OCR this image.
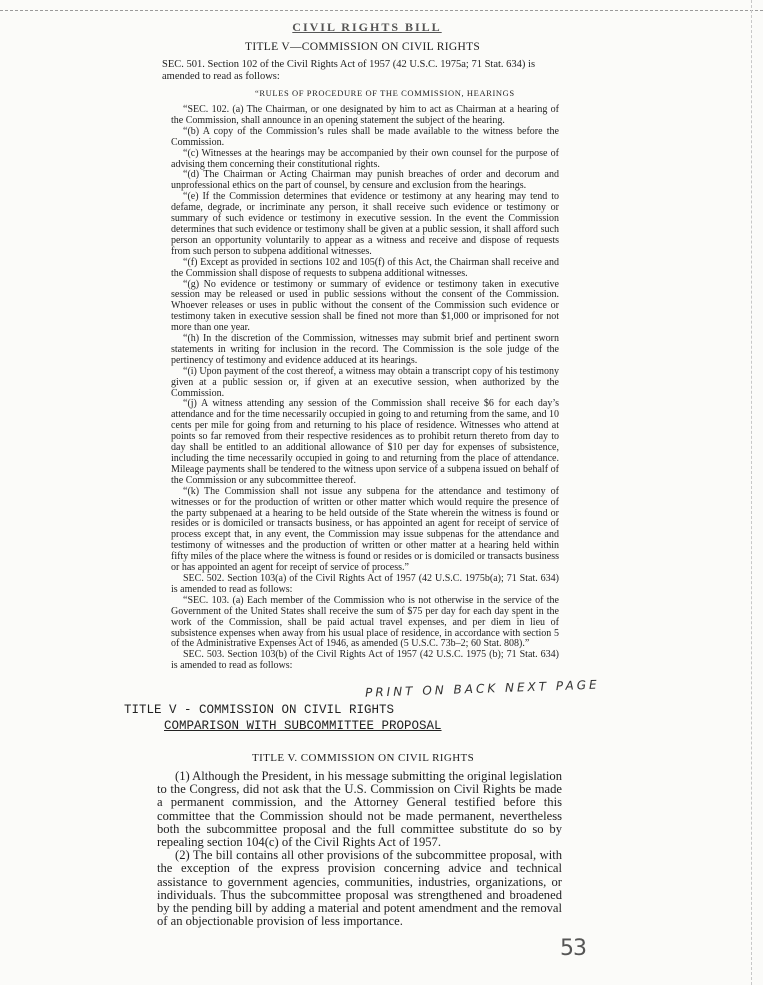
CIVIL RIGHTS BILL
TITLE V—COMMISSION ON CIVIL RIGHTS
SEC. 501. Section 102 of the Civil Rights Act of 1957 (42 U.S.C. 1975a; 71 Stat. 634) is amended to read as follows:
“RULES OF PROCEDURE OF THE COMMISSION, HEARINGS

“SEC. 102. (a) The Chairman, or one designated by him to act as Chairman at a hearing of the Commission, shall announce in an opening statement the subject of the hearing.

“(b) A copy of the Commission’s rules shall be made available to the witness before the Commission.

“(c) Witnesses at the hearings may be accompanied by their own counsel for the purpose of advising them concerning their constitutional rights.

“(d) The Chairman or Acting Chairman may punish breaches of order and decorum and unprofessional ethics on the part of counsel, by censure and exclusion from the hearings.

“(e) If the Commission determines that evidence or testimony at any hearing may tend to defame, degrade, or incriminate any person, it shall receive such evidence or testimony or summary of such evidence or testimony in executive session. In the event the Commission determines that such evidence or testimony shall be given at a public session, it shall afford such person an opportunity voluntarily to appear as a witness and receive and dispose of requests from such person to subpena additional witnesses.

“(f) Except as provided in sections 102 and 105(f) of this Act, the Chairman shall receive and the Commission shall dispose of requests to subpena additional witnesses.

“(g) No evidence or testimony or summary of evidence or testimony taken in executive session may be released or used in public sessions without the consent of the Commission. Whoever releases or uses in public without the consent of the Commission such evidence or testimony taken in executive session shall be fined not more than $1,000 or imprisoned for not more than one year.

“(h) In the discretion of the Commission, witnesses may submit brief and pertinent sworn statements in writing for inclusion in the record. The Commission is the sole judge of the pertinency of testimony and evidence adduced at its hearings.

“(i) Upon payment of the cost thereof, a witness may obtain a transcript copy of his testimony given at a public session or, if given at an executive session, when authorized by the Commission.

“(j) A witness attending any session of the Commission shall receive $6 for each day’s attendance and for the time necessarily occupied in going to and returning from the same, and 10 cents per mile for going from and returning to his place of residence. Witnesses who attend at points so far removed from their respective residences as to prohibit return thereto from day to day shall be entitled to an additional allowance of $10 per day for expenses of subsistence, including the time necessarily occupied in going to and returning from the place of attendance. Mileage payments shall be tendered to the witness upon service of a subpena issued on behalf of the Commission or any subcommittee thereof.

“(k) The Commission shall not issue any subpena for the attendance and testimony of witnesses or for the production of written or other matter which would require the presence of the party subpenaed at a hearing to be held outside of the State wherein the witness is found or resides or is domiciled or transacts business, or has appointed an agent for receipt of service of process except that, in any event, the Commission may issue subpenas for the attendance and testimony of witnesses and the production of written or other matter at a hearing held within fifty miles of the place where the witness is found or resides or is domiciled or transacts business or has appointed an agent for receipt of service of process.”

SEC. 502. Section 103(a) of the Civil Rights Act of 1957 (42 U.S.C. 1975b(a); 71 Stat. 634) is amended to read as follows:

“SEC. 103. (a) Each member of the Commission who is not otherwise in the service of the Government of the United States shall receive the sum of $75 per day for each day spent in the work of the Commission, shall be paid actual travel expenses, and per diem in lieu of subsistence expenses when away from his usual place of residence, in accordance with section 5 of the Administrative Expenses Act of 1946, as amended (5 U.S.C. 73b–2; 60 Stat. 808).”

SEC. 503. Section 103(b) of the Civil Rights Act of 1957 (42 U.S.C. 1975 (b); 71 Stat. 634) is amended to read as follows:

PRINT ON BACK NEXT PAGE
TITLE V - COMMISSION ON CIVIL RIGHTS
COMPARISON WITH SUBCOMMITTEE PROPOSAL
TITLE V. COMMISSION ON CIVIL RIGHTS

(1) Although the President, in his message submitting the original legislation to the Congress, did not ask that the U.S. Commission on Civil Rights be made a permanent commission, and the Attorney General testified before this committee that the Commission should not be made permanent, nevertheless both the subcommittee proposal and the full committee substitute do so by repealing section 104(c) of the Civil Rights Act of 1957.

(2) The bill contains all other provisions of the subcommittee proposal, with the exception of the express provision concerning advice and technical assistance to government agencies, communities, industries, organizations, or individuals. Thus the subcommittee proposal was strengthened and broadened by the pending bill by adding a material and potent amendment and the removal of an objectionable provision of less importance.

53
